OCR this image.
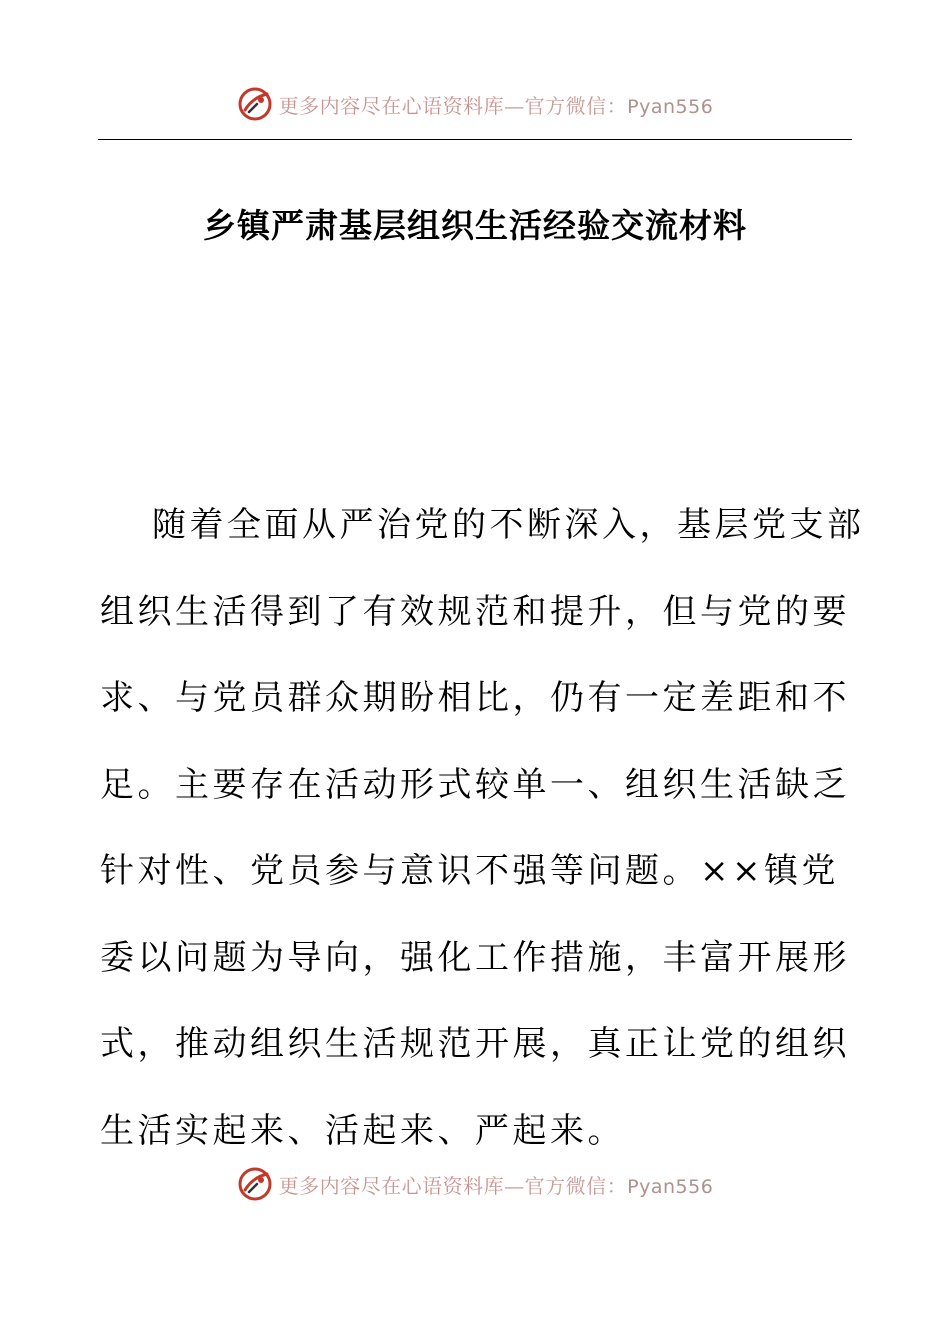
更多内容尽在心语资料库—官方微信：Pyan556
乡镇严肃基层组织生活经验交流材料
随着全面从严治党的不断深入，基层党支部组织生活得到了有效规范和提升，但与党的要求、与党员群众期盼相比，仍有一定差距和不足。主要存在活动形式较单一、组织生活缺乏针对性、党员参与意识不强等问题。××镇党委以问题为导向，强化工作措施，丰富开展形式，推动组织生活规范开展，真正让党的组织生活实起来、活起来、严起来。
更多内容尽在心语资料库—官方微信：Pyan556
